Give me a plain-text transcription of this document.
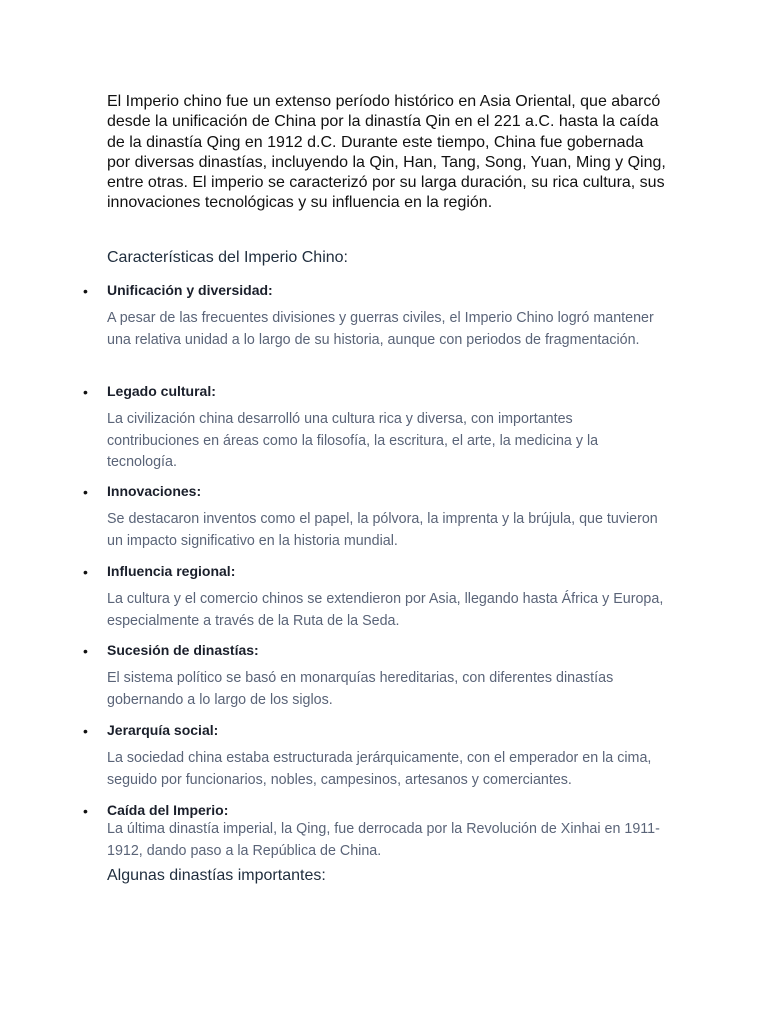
El Imperio chino fue un extenso período histórico en Asia Oriental, que abarcó desde la unificación de China por la dinastía Qin en el 221 a.C. hasta la caída de la dinastía Qing en 1912 d.C. Durante este tiempo, China fue gobernada por diversas dinastías, incluyendo la Qin, Han, Tang, Song, Yuan, Ming y Qing, entre otras. El imperio se caracterizó por su larga duración, su rica cultura, sus innovaciones tecnológicas y su influencia en la región.

Características del Imperio Chino:

• Unificación y diversidad:

A pesar de las frecuentes divisiones y guerras civiles, el Imperio Chino logró mantener una relativa unidad a lo largo de su historia, aunque con periodos de fragmentación.

• Legado cultural:

La civilización china desarrolló una cultura rica y diversa, con importantes contribuciones en áreas como la filosofía, la escritura, el arte, la medicina y la tecnología.

• Innovaciones:

Se destacaron inventos como el papel, la pólvora, la imprenta y la brújula, que tuvieron un impacto significativo en la historia mundial.

• Influencia regional:

La cultura y el comercio chinos se extendieron por Asia, llegando hasta África y Europa, especialmente a través de la Ruta de la Seda.

• Sucesión de dinastías:

El sistema político se basó en monarquías hereditarias, con diferentes dinastías gobernando a lo largo de los siglos.

• Jerarquía social:

La sociedad china estaba estructurada jerárquicamente, con el emperador en la cima, seguido por funcionarios, nobles, campesinos, artesanos y comerciantes.

• Caída del Imperio:

La última dinastía imperial, la Qing, fue derrocada por la Revolución de Xinhai en 1911-1912, dando paso a la República de China.

Algunas dinastías importantes:
